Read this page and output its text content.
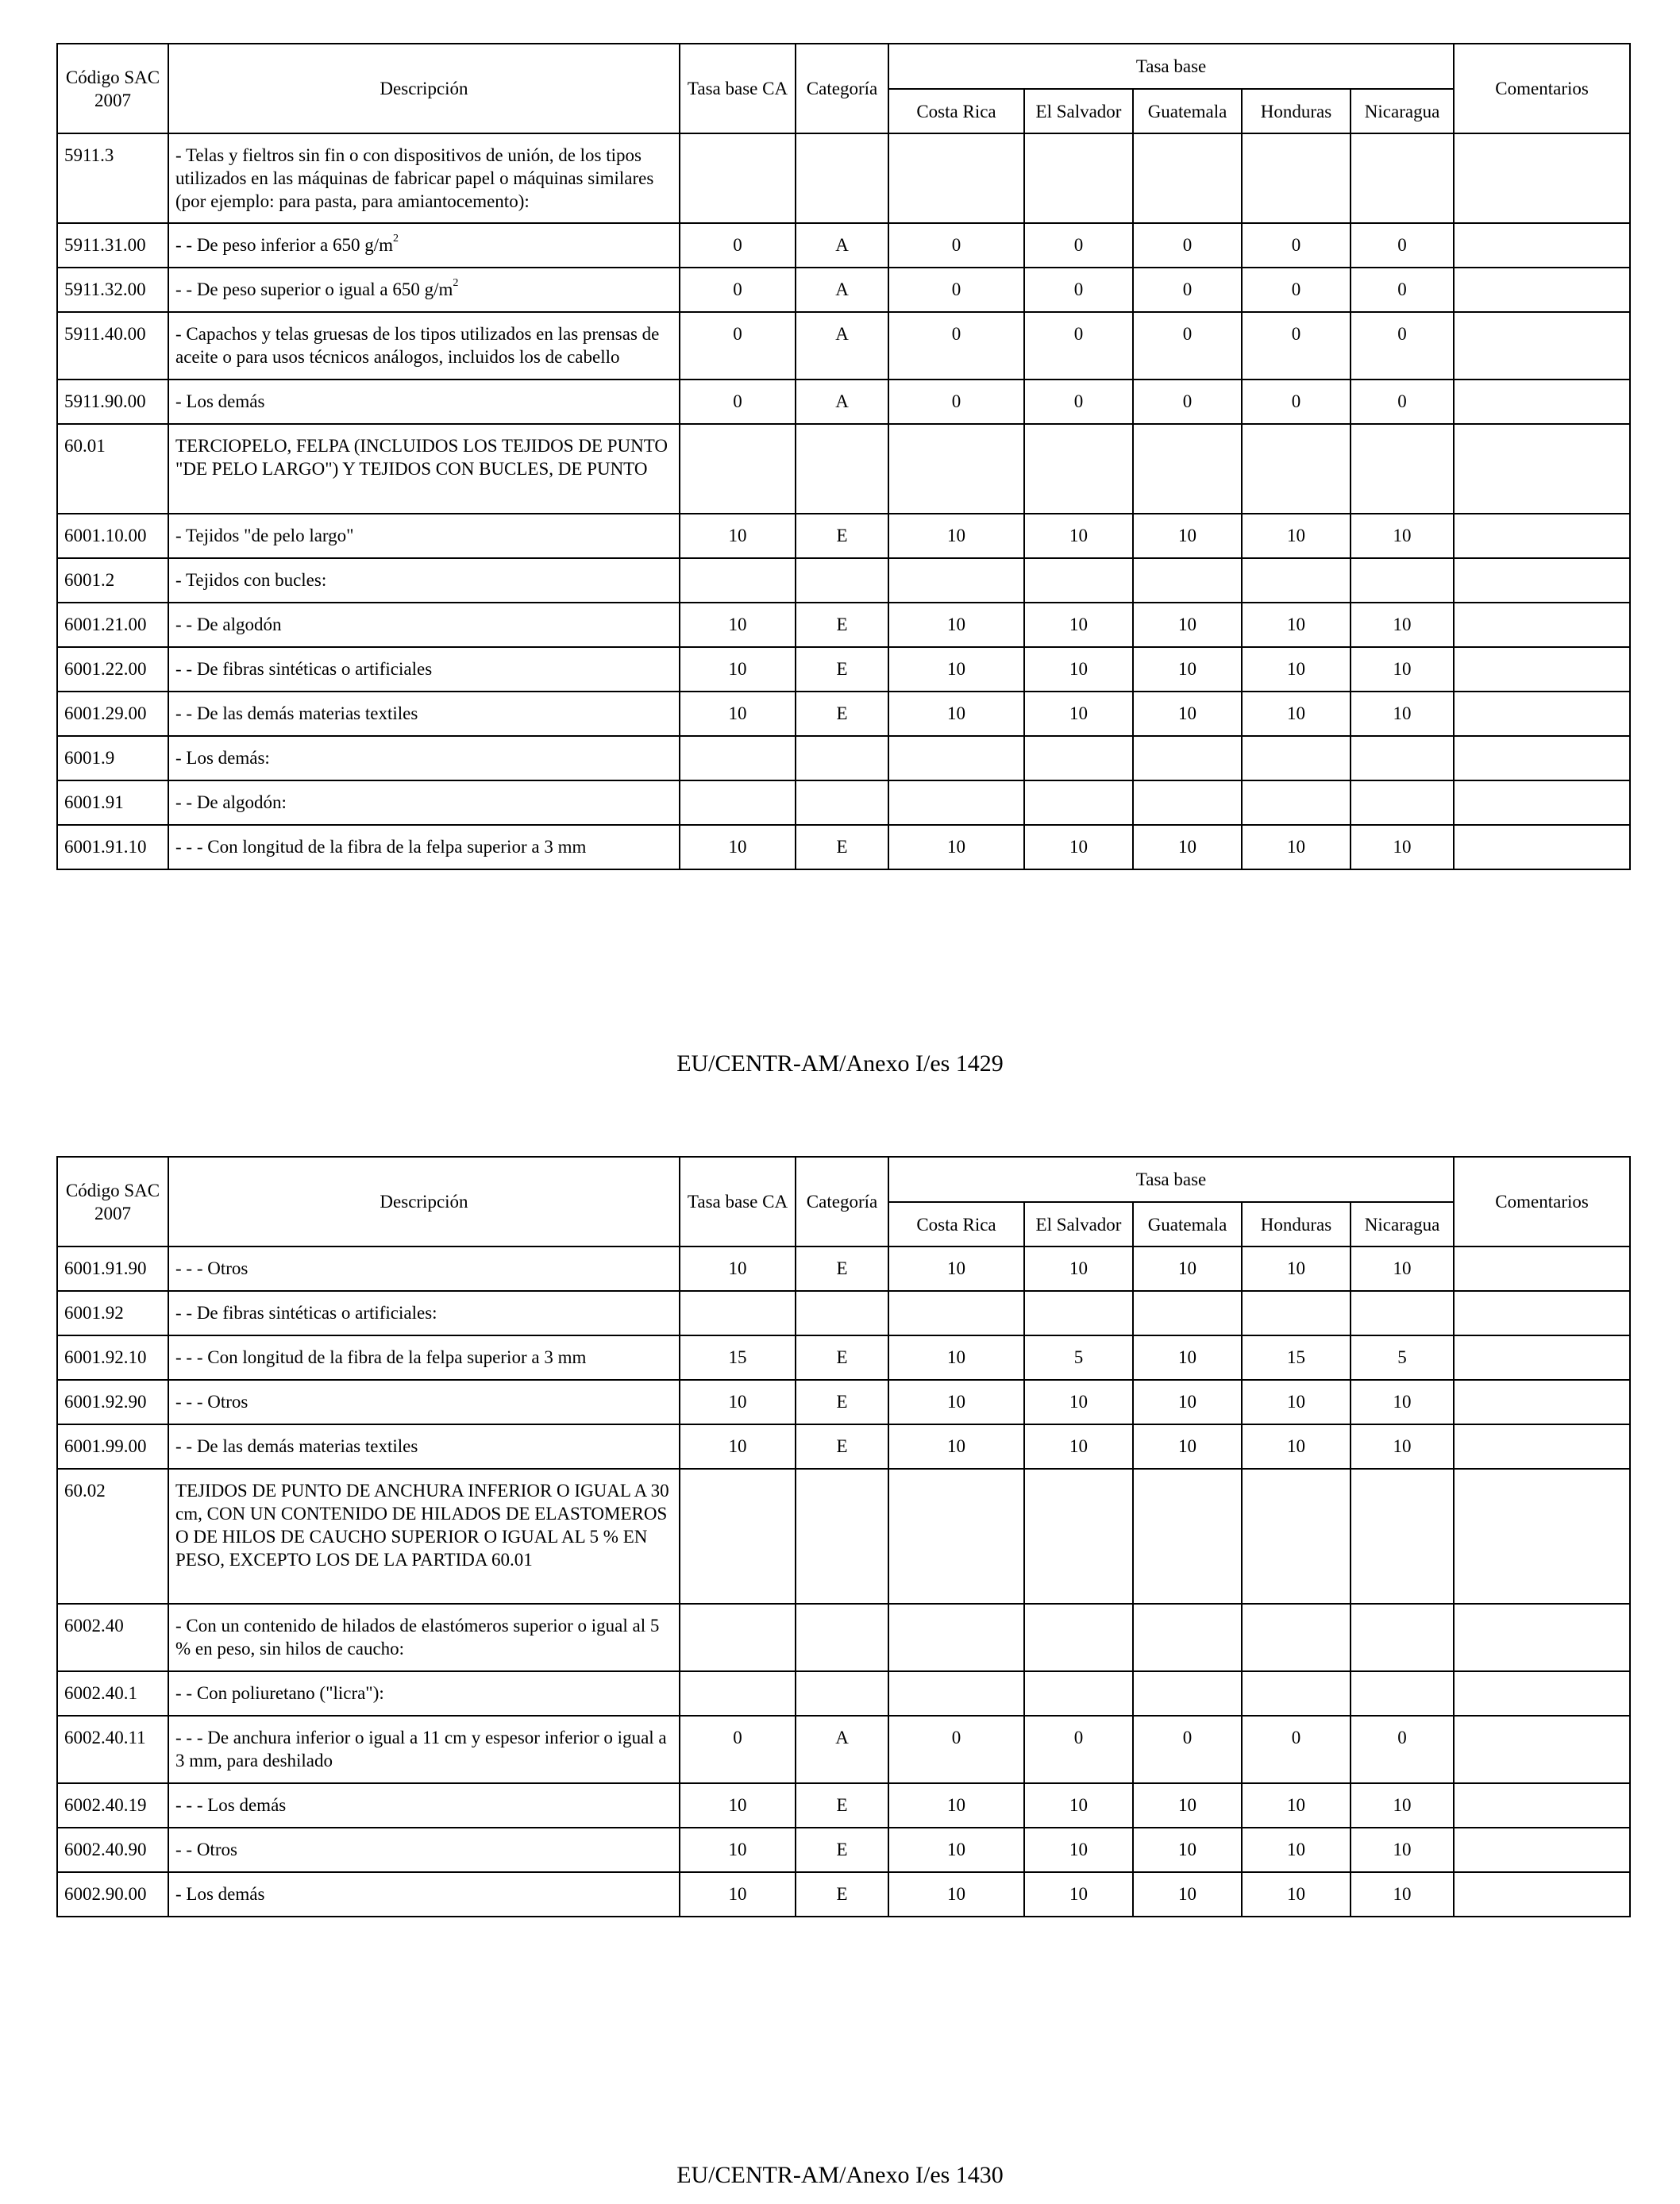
Código SAC 2007	Descripción	Tasa base CA	Categoría	Tasa base					Comentarios
				Costa Rica	El Salvador	Guatemala	Honduras	Nicaragua	
5911.3	- Telas y fieltros sin fin o con dispositivos de unión, de los tipos utilizados en las máquinas de fabricar papel o máquinas similares (por ejemplo: para pasta, para amiantocemento):								
5911.31.00	- - De peso inferior a 650 $g/m^2$	0	A	0	0	0	0	0	
5911.32.00	- - De peso superior o igual a 650 $g/m^2$	0	A	0	0	0	0	0	
5911.40.00	- Capachos y telas gruesas de los tipos utilizados en las prensas de aceite o para usos técnicos análogos, incluidos los de cabello	0	A	0	0	0	0	0	
5911.90.00	- Los demás	0	A	0	0	0	0	0	
60.01	TERCIOPELO, FELPA (INCLUIDOS LOS TEJIDOS DE PUNTO "DE PELO LARGO") Y TEJIDOS CON BUCLES, DE PUNTO								
6001.10.00	- Tejidos "de pelo largo"	10	E	10	10	10	10	10	
6001.2	- Tejidos con bucles:								
6001.21.00	- - De algodón	10	E	10	10	10	10	10	
6001.22.00	- - De fibras sintéticas o artificiales	10	E	10	10	10	10	10	
6001.29.00	- - De las demás materias textiles	10	E	10	10	10	10	10	
6001.9	- Los demás:								
6001.91	- - De algodón:								
6001.91.10	- - - Con longitud de la fibra de la felpa superior a 3 mm	10	E	10	10	10	10	10	
EU/CENTR-AM/Anexo I/es 1429
Código SAC 2007	Descripción	Tasa base CA	Categoría	Tasa base					Comentarios
				Costa Rica	El Salvador	Guatemala	Honduras	Nicaragua	
6001.91.90	- - - Otros	10	E	10	10	10	10	10	
6001.92	- - De fibras sintéticas o artificiales:								
6001.92.10	- - - Con longitud de la fibra de la felpa superior a 3 mm	15	E	10	5	10	15	5	
6001.92.90	- - - Otros	10	E	10	10	10	10	10	
6001.99.00	- - De las demás materias textiles	10	E	10	10	10	10	10	
60.02	TEJIDOS DE PUNTO DE ANCHURA INFERIOR O IGUAL A 30 cm, CON UN CONTENIDO DE HILADOS DE ELASTOMEROS O DE HILOS DE CAUCHO SUPERIOR O IGUAL AL 5 % EN PESO, EXCEPTO LOS DE LA PARTIDA 60.01								
6002.40	- Con un contenido de hilados de elastómeros superior o igual al 5 % en peso, sin hilos de caucho:								
6002.40.1	- - Con poliuretano ("licra"):								
6002.40.11	- - - De anchura inferior o igual a 11 cm y espesor inferior o igual a 3 mm, para deshilado	0	A	0	0	0	0	0	
6002.40.19	- - - Los demás	10	E	10	10	10	10	10	
6002.40.90	- - Otros	10	E	10	10	10	10	10	
6002.90.00	- Los demás	10	E	10	10	10	10	10	
EU/CENTR-AM/Anexo I/es 1430
